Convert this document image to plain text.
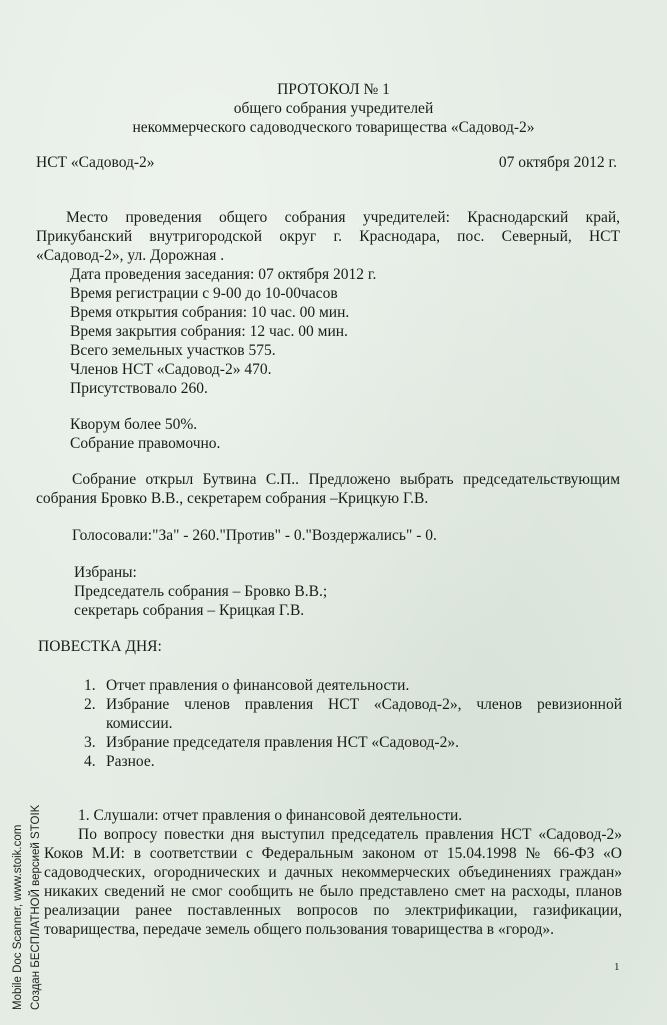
ПРОТОКОЛ № 1
общего собрания учредителей
некоммерческого садоводческого товарищества «Садовод-2»
НСТ «Садовод-2»	07 октября 2012 г.
Место проведения общего собрания учредителей: Краснодарский край,
Прикубанский внутригородской округ г. Краснодара, пос. Северный, НСТ
«Садовод-2», ул. Дорожная .
Дата проведения заседания: 07 октября 2012 г.
Время регистрации с 9-00 до 10-00часов
Время открытия собрания: 10 час. 00 мин.
Время закрытия собрания: 12 час. 00 мин.
Всего земельных участков 575.
Членов НСТ «Садовод-2» 470.
Присутствовало 260.
Кворум более 50%.
Собрание правомочно.
Собрание открыл Бутвина С.П.. Предложено выбрать председательствующим
собрания Бровко В.В., секретарем собрания –Крицкую Г.В.
Голосовали:"За" - 260."Против" - 0."Воздержались" - 0.
Избраны:
Председатель собрания – Бровко В.В.;
секретарь собрания – Крицкая Г.В.
ПОВЕСТКА ДНЯ:
1. Отчет правления о финансовой деятельности.
2. Избрание членов правления НСТ «Садовод-2», членов ревизионной
комиссии.
3. Избрание председателя правления НСТ «Садовод-2».
4. Разное.
1. Слушали: отчет правления о финансовой деятельности.
По вопросу повестки дня выступил председатель правления НСТ «Садовод-2»
Коков М.И: в соответствии с Федеральным законом от 15.04.1998 № 66-ФЗ «О
садоводческих, огороднических и дачных некоммерческих объединениях граждан»
никаких сведений не смог сообщить не было представлено смет на расходы, планов
реализации ранее поставленных вопросов по электрификации, газификации,
товарищества, передаче земель общего пользования товарищества в «город».
1
Mobile Doc Scanner, www.stoik.com Создан БЕСПЛАТНОЙ версией STOIK
